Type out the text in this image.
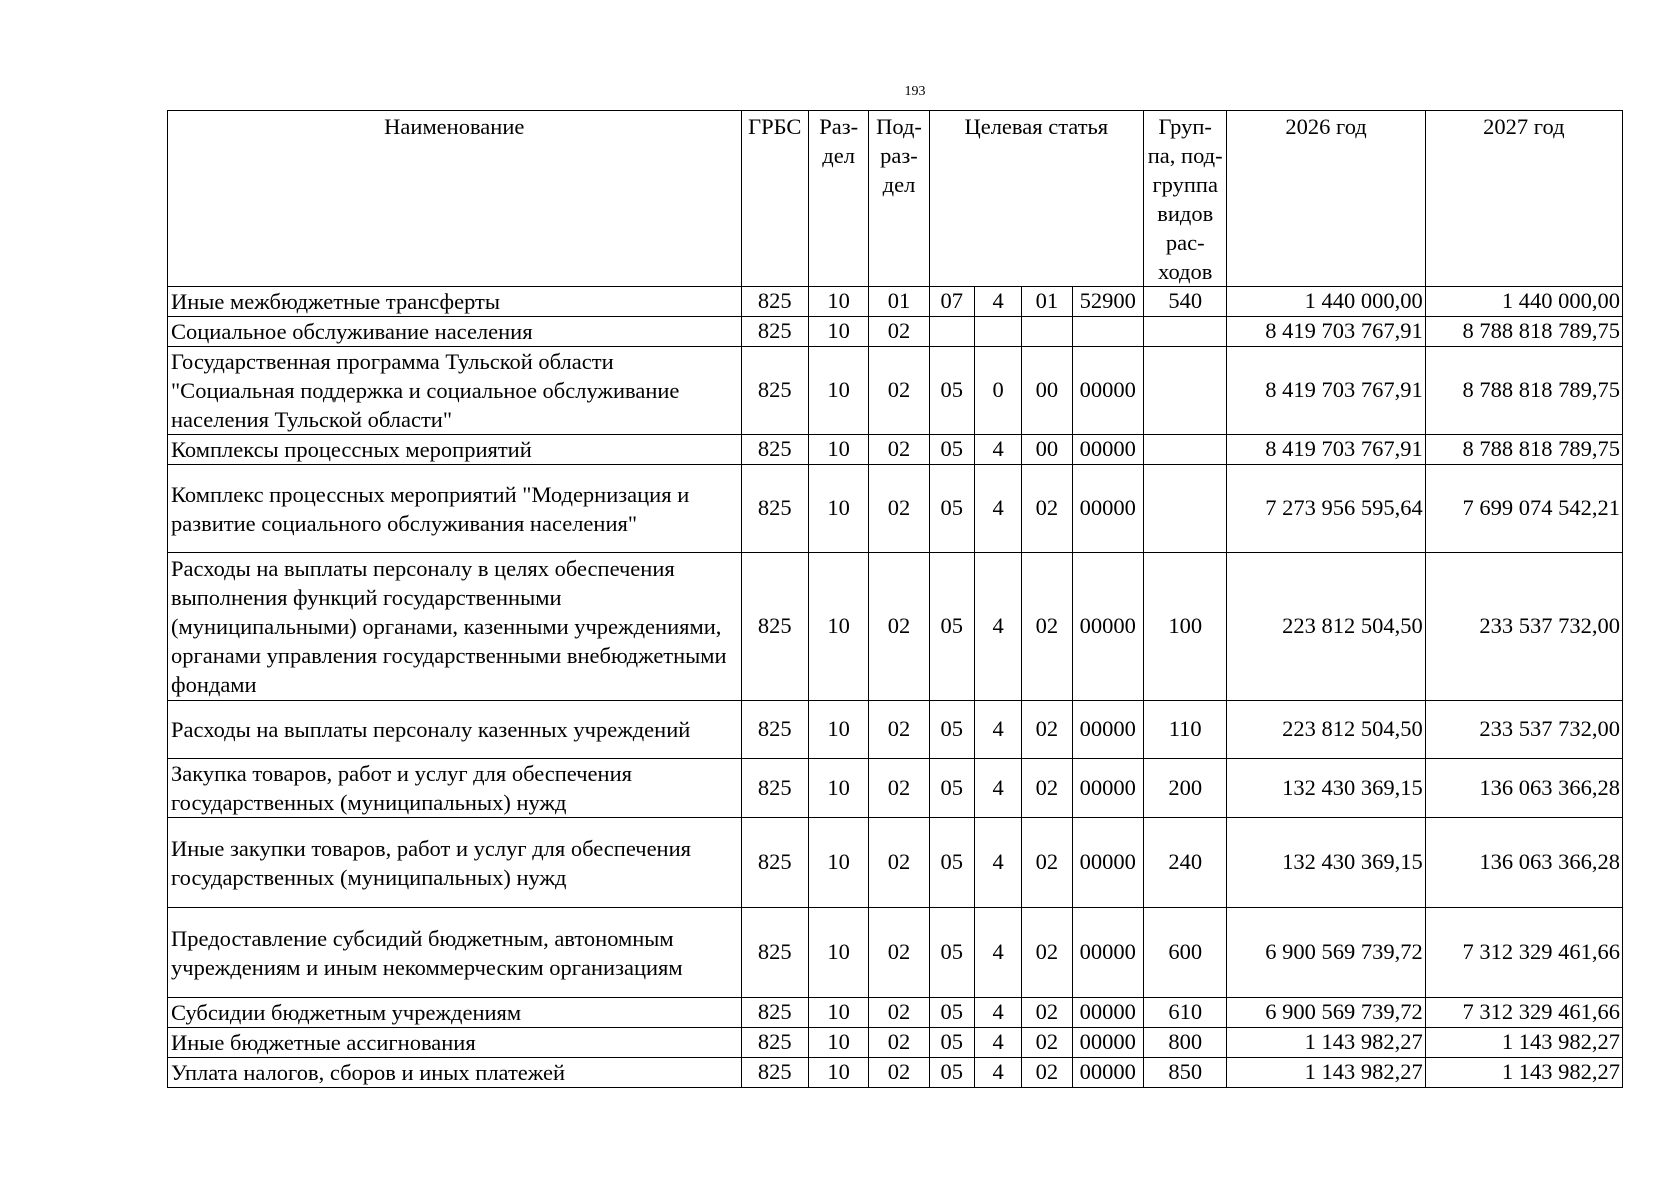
193
Наименование	ГРБС	Раз-дел	Под-раз-дел	Целевая статья				Груп-па, под-группа видов рас-ходов	2026 год	2027 год
Иные межбюджетные трансферты	825	10	01	07	4	01	52900	540	1 440 000,00	1 440 000,00
Социальное обслуживание населения	825	10	02						8 419 703 767,91	8 788 818 789,75
Государственная программа Тульской области "Социальная поддержка и социальное обслуживание населения Тульской области"	825	10	02	05	0	00	00000		8 419 703 767,91	8 788 818 789,75
Комплексы процессных мероприятий	825	10	02	05	4	00	00000		8 419 703 767,91	8 788 818 789,75
Комплекс процессных мероприятий "Модернизация и развитие социального обслуживания населения"	825	10	02	05	4	02	00000		7 273 956 595,64	7 699 074 542,21
Расходы на выплаты персоналу в целях обеспечения выполнения функций государственными (муниципальными) органами, казенными учреждениями, органами управления государственными внебюджетными фондами	825	10	02	05	4	02	00000	100	223 812 504,50	233 537 732,00
Расходы на выплаты персоналу казенных учреждений	825	10	02	05	4	02	00000	110	223 812 504,50	233 537 732,00
Закупка товаров, работ и услуг для обеспечения государственных (муниципальных) нужд	825	10	02	05	4	02	00000	200	132 430 369,15	136 063 366,28
Иные закупки товаров, работ и услуг для обеспечения государственных (муниципальных) нужд	825	10	02	05	4	02	00000	240	132 430 369,15	136 063 366,28
Предоставление субсидий бюджетным, автономным учреждениям и иным некоммерческим организациям	825	10	02	05	4	02	00000	600	6 900 569 739,72	7 312 329 461,66
Субсидии бюджетным учреждениям	825	10	02	05	4	02	00000	610	6 900 569 739,72	7 312 329 461,66
Иные бюджетные ассигнования	825	10	02	05	4	02	00000	800	1 143 982,27	1 143 982,27
Уплата налогов, сборов и иных платежей	825	10	02	05	4	02	00000	850	1 143 982,27	1 143 982,27
